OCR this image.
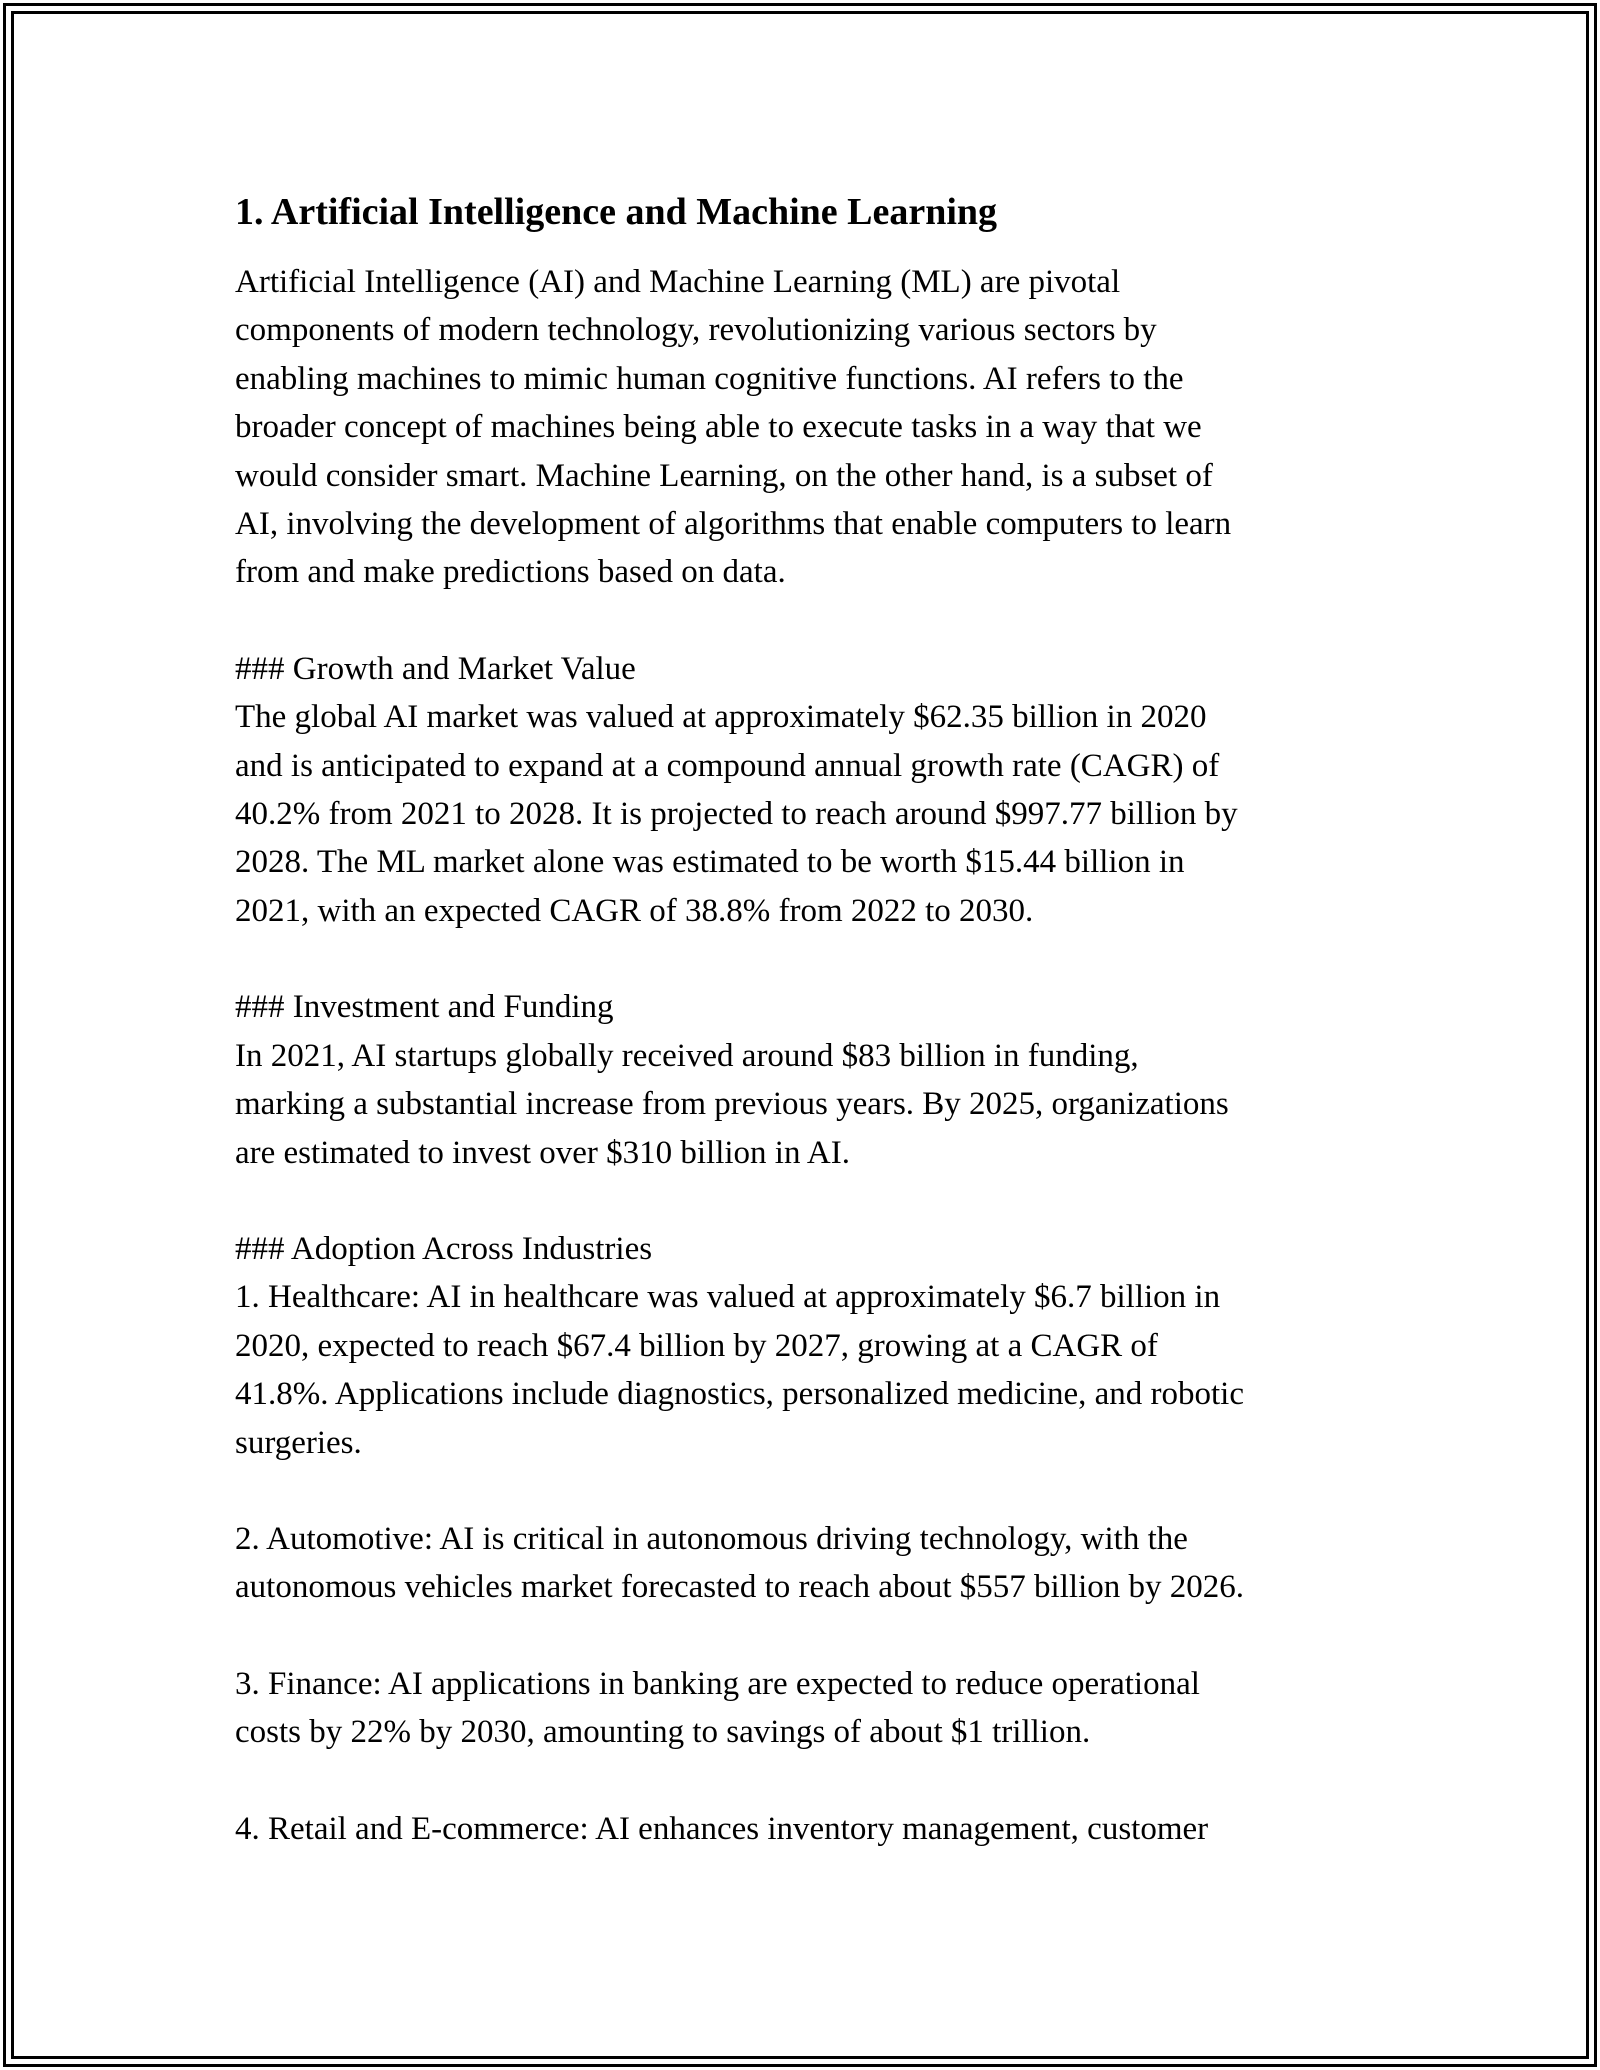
1. Artificial Intelligence and Machine Learning
Artificial Intelligence (AI) and Machine Learning (ML) are pivotal
components of modern technology, revolutionizing various sectors by
enabling machines to mimic human cognitive functions. AI refers to the
broader concept of machines being able to execute tasks in a way that we
would consider smart. Machine Learning, on the other hand, is a subset of
AI, involving the development of algorithms that enable computers to learn
from and make predictions based on data.
### Growth and Market Value
The global AI market was valued at approximately $62.35 billion in 2020
and is anticipated to expand at a compound annual growth rate (CAGR) of
40.2% from 2021 to 2028. It is projected to reach around $997.77 billion by
2028. The ML market alone was estimated to be worth $15.44 billion in
2021, with an expected CAGR of 38.8% from 2022 to 2030.
### Investment and Funding
In 2021, AI startups globally received around $83 billion in funding,
marking a substantial increase from previous years. By 2025, organizations
are estimated to invest over $310 billion in AI.
### Adoption Across Industries
1. Healthcare: AI in healthcare was valued at approximately $6.7 billion in
2020, expected to reach $67.4 billion by 2027, growing at a CAGR of
41.8%. Applications include diagnostics, personalized medicine, and robotic
surgeries.
2. Automotive: AI is critical in autonomous driving technology, with the
autonomous vehicles market forecasted to reach about $557 billion by 2026.
3. Finance: AI applications in banking are expected to reduce operational
costs by 22% by 2030, amounting to savings of about $1 trillion.
4. Retail and E-commerce: AI enhances inventory management, customer
